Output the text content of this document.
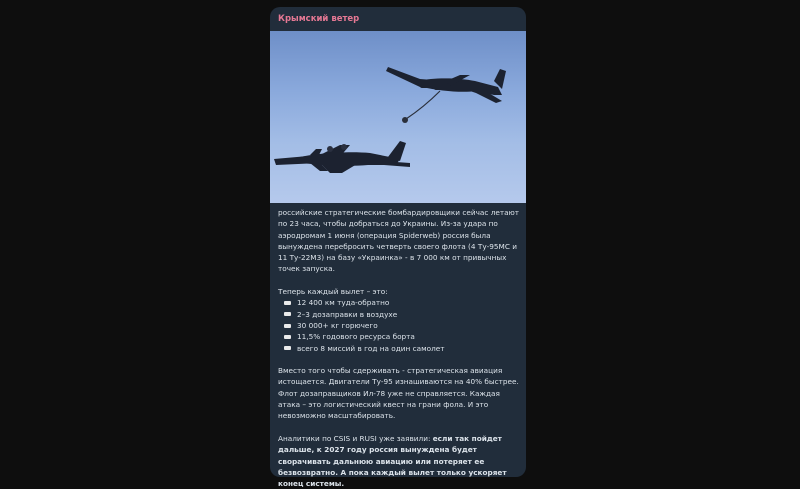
Крымский ветер

российские стратегические бомбардировщики сейчас летают по 23 часа, чтобы добраться до Украины. Из-за удара по аэродромам 1 июня (операция Spiderweb) россия была вынуждена перебросить четверть своего флота (4 Ту-95МС и 11 Ту-22М3) на базу «Украинка» - в 7 000 км от привычных точек запуска.

Теперь каждый вылет – это:

12 400 км туда-обратно
2–3 дозаправки в воздухе
30 000+ кг горючего
11,5% годового ресурса борта
всего 8 миссий в год на один самолет

Вместо того чтобы сдерживать - стратегическая авиация истощается. Двигатели Ту-95 изнашиваются на 40% быстрее. Флот дозаправщиков Ил-78 уже не справляется. Каждая атака – это логистический квест на грани фола. И это невозможно масштабировать.

Аналитики по CSIS и RUSI уже заявили: если так пойдет дальше, к 2027 году россия вынуждена будет сворачивать дальнюю авиацию или потеряет ее безвозвратно. А пока каждый вылет только ускоряет конец системы.
